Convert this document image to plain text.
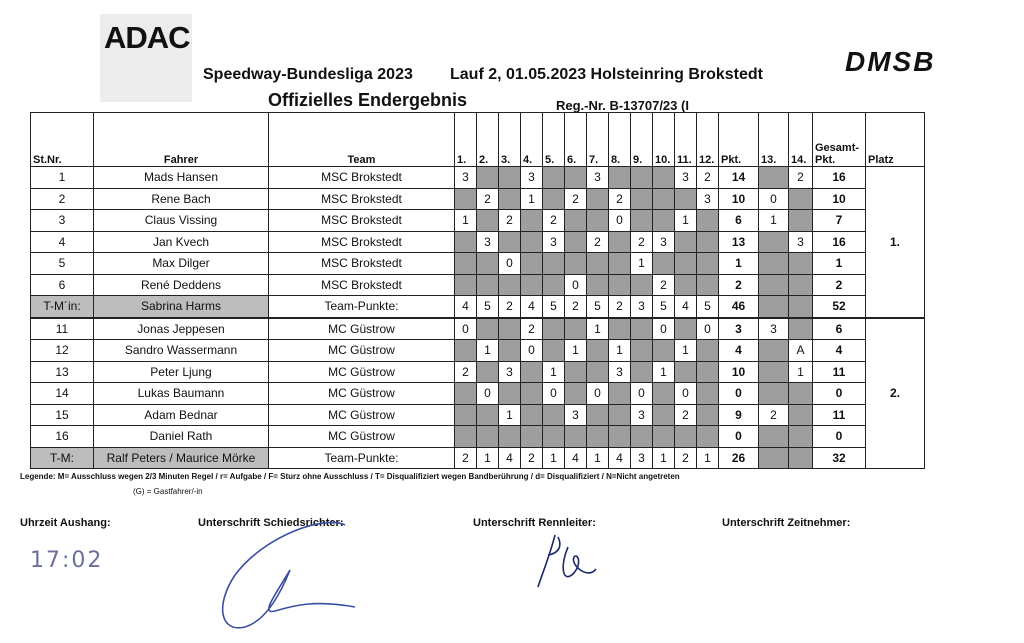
ADAC
DMSB
Speedway-Bundesliga 2023 Lauf 2, 01.05.2023 Holsteinring Brokstedt
Offizielles Endergebnis	Reg.-Nr. B-13707/23 (I
St.Nr.	Fahrer	Team	1.	2.	3.	4.	5.	6.	7.	8.	9.	10.	11.	12.	Pkt.	13.	14.	Gesamt-Pkt.	Platz
1	Mads Hansen	MSC Brokstedt	3			3			3				3	2	14		2	16	1.
2	Rene Bach	MSC Brokstedt		2		1		2		2				3	10	0		10	
3	Claus Vissing	MSC Brokstedt	1		2		2			0			1		6	1		7	
4	Jan Kvech	MSC Brokstedt		3			3		2		2	3			13		3	16	
5	Max Dilger	MSC Brokstedt			0						1				1			1	
6	René Deddens	MSC Brokstedt						0				2			2			2	
T-M´in:	Sabrina Harms	Team-Punkte:	4	5	2	4	5	2	5	2	3	5	4	5	46			52	
11	Jonas Jeppesen	MC Güstrow	0			2			1			0		0	3	3		6	2.
12	Sandro Wassermann	MC Güstrow		1		0		1		1			1		4		A	4	
13	Peter Ljung	MC Güstrow	2		3		1			3		1			10		1	11	
14	Lukas Baumann	MC Güstrow		0			0		0		0		0		0			0	
15	Adam Bednar	MC Güstrow			1			3			3		2		9	2		11	
16	Daniel Rath	MC Güstrow													0			0	
T-M:	Ralf Peters / Maurice Mörke	Team-Punkte:	2	1	4	2	1	4	1	4	3	1	2	1	26			32	
Legende: M= Ausschluss wegen 2/3 Minuten Regel / r= Aufgabe / F= Sturz ohne Ausschluss / T= Disqualifiziert wegen Bandberührung / d= Disqualifiziert / N=Nicht angetreten
(G) = Gastfahrer/-in
Uhrzeit Aushang:	Unterschrift Schiedsrichter:	Unterschrift Rennleiter:	Unterschrift Zeitnehmer:
17:02
